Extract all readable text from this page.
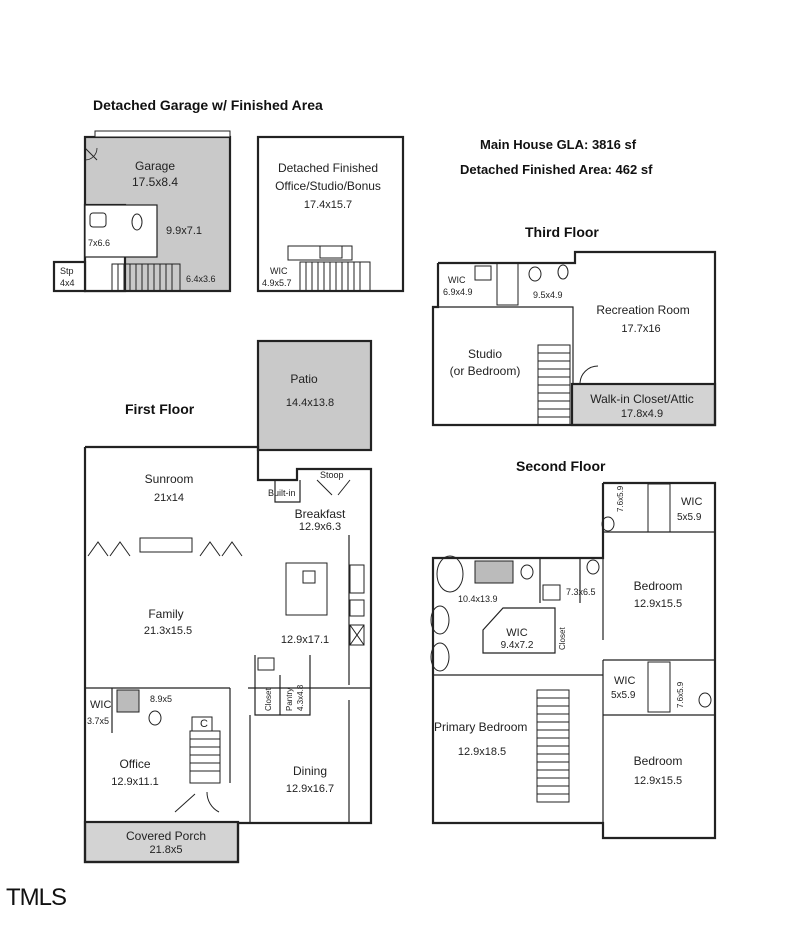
Detached Garage w/ Finished Area
Main House GLA: 3816 sf
Detached Finished Area: 462 sf
Third Floor
First Floor
Second Floor
Garage
17.5x8.4
9.9x7.1
7x6.6
Stp
4x4	6.4x3.6
Detached Finished
Office/Studio/Bonus
17.4x15.7
WIC
4.9x5.7	WIC
6.9x4.9	9.5x4.9
Recreation Room
17.7x16
Studio
(or Bedroom)
Walk-in Closet/Attic
17.8x4.9
Patio
14.4x13.8
Sunroom
21x14
Stoop
Built-in
Breakfast
12.9x6.3
Family
21.3x15.5
12.9x17.1
Closet Pantry 4.3x4.8
WIC
3.7x5
8.9x5
C
Office
12.9x11.1
Dining
12.9x16.7
Covered Porch
21.8x5
7.6x5.9	WIC
5x5.9
10.4x13.9
7.3x6.5	Bedroom
12.9x15.5
WIC
9.4x7.2	Closet
WIC
5x5.9	7.6x5.9
Primary Bedroom
12.9x18.5
Bedroom
12.9x15.5
TMLS
